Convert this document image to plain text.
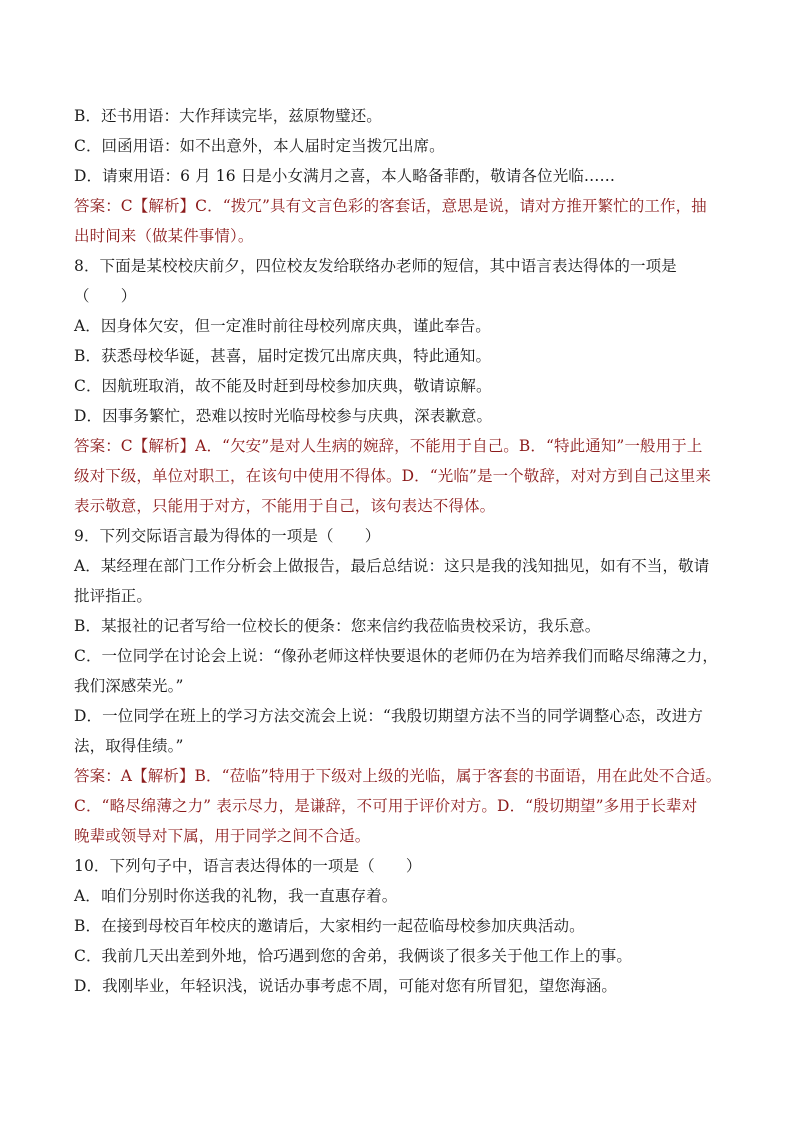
B．还书用语：大作拜读完毕，兹原物璧还。
C．回函用语：如不出意外，本人届时定当拨冗出席。
D．请柬用语：6 月 16 日是小女满月之喜，本人略备菲酌，敬请各位光临……
答案：C【解析】C．“拨冗”具有文言色彩的客套话，意思是说，请对方推开繁忙的工作，抽
出时间来（做某件事情）。
8．下面是某校校庆前夕，四位校友发给联络办老师的短信，其中语言表达得体的一项是
（　　）
A．因身体欠安，但一定准时前往母校列席庆典，谨此奉告。
B．获悉母校华诞，甚喜，届时定拨冗出席庆典，特此通知。
C．因航班取消，故不能及时赶到母校参加庆典，敬请谅解。
D．因事务繁忙，恐难以按时光临母校参与庆典，深表歉意。
答案：C【解析】A．“欠安”是对人生病的婉辞，不能用于自己。B．“特此通知”一般用于上
级对下级，单位对职工，在该句中使用不得体。D．“光临”是一个敬辞，对对方到自己这里来
表示敬意，只能用于对方，不能用于自己，该句表达不得体。
9．下列交际语言最为得体的一项是（　　）
A．某经理在部门工作分析会上做报告，最后总结说：这只是我的浅知拙见，如有不当，敬请
批评指正。
B．某报社的记者写给一位校长的便条：您来信约我莅临贵校采访，我乐意。
C．一位同学在讨论会上说：“像孙老师这样快要退休的老师仍在为培养我们而略尽绵薄之力，
我们深感荣光。”
D．一位同学在班上的学习方法交流会上说：“我殷切期望方法不当的同学调整心态，改进方
法，取得佳绩。”
答案：A【解析】B．“莅临”特用于下级对上级的光临，属于客套的书面语，用在此处不合适。
C．“略尽绵薄之力” 表示尽力，是谦辞，不可用于评价对方。D．“殷切期望”多用于长辈对
晚辈或领导对下属，用于同学之间不合适。
10．下列句子中，语言表达得体的一项是（　　）
A．咱们分别时你送我的礼物，我一直惠存着。
B．在接到母校百年校庆的邀请后，大家相约一起莅临母校参加庆典活动。
C．我前几天出差到外地，恰巧遇到您的舍弟，我俩谈了很多关于他工作上的事。
D．我刚毕业，年轻识浅，说话办事考虑不周，可能对您有所冒犯，望您海涵。
